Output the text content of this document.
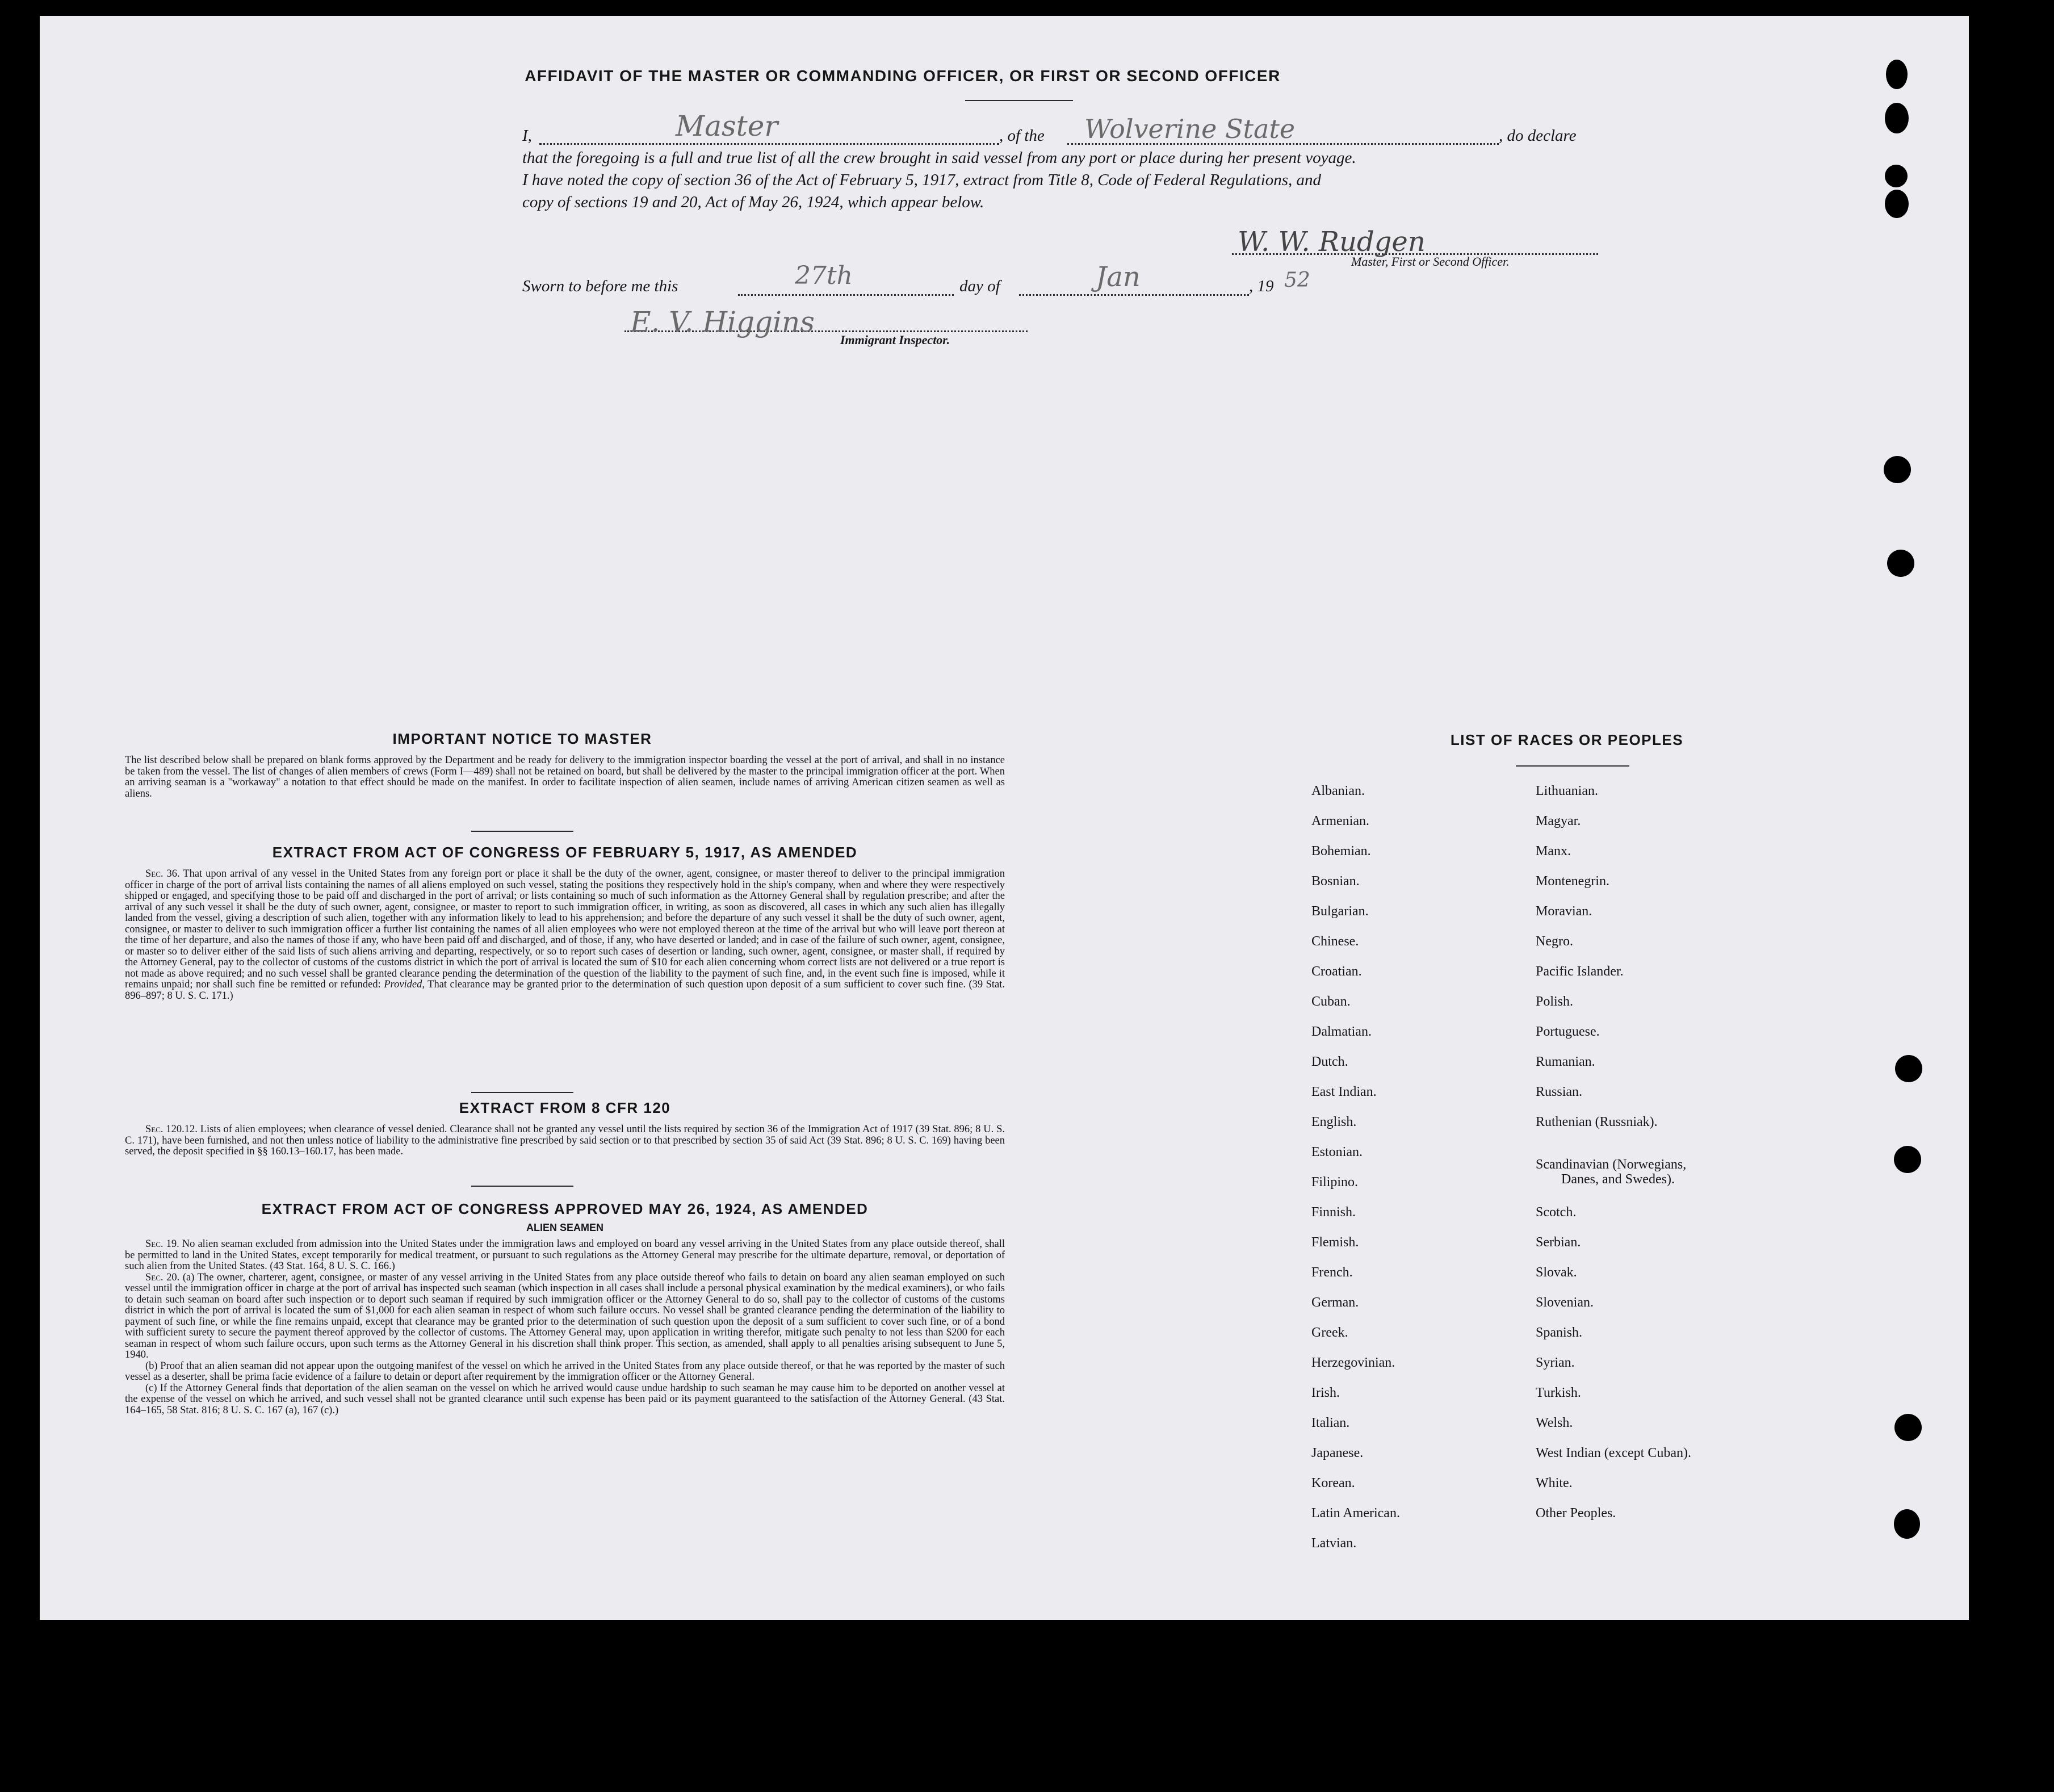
AFFIDAVIT OF THE MASTER OR COMMANDING OFFICER, OR FIRST OR SECOND OFFICER
I,	Master	, of the Wolverine State	, do declare
that the foregoing is a full and true list of all the crew brought in said vessel from any port or place during her present voyage.
I have noted the copy of section 36 of the Act of February 5, 1917, extract from Title 8, Code of Federal Regulations, and
copy of sections 19 and 20, Act of May 26, 1924, which appear below.
W. W. Rudgen
Master, First or Second Officer.
Sworn to before me this	27th	day of	Jan	, 19 52
E. V. Higgins
Immigrant Inspector.
IMPORTANT NOTICE TO MASTER
The list described below shall be prepared on blank forms approved by the Department and be ready for delivery to the immigration inspector boarding the vessel at the port of arrival, and shall in no instance be taken from the vessel. The list of changes of alien members of crews (Form I—489) shall not be retained on board, but shall be delivered by the master to the principal immigration officer at the port. When an arriving seaman is a "workaway" a notation to that effect should be made on the manifest. In order to facilitate inspection of alien seamen, include names of arriving American citizen seamen as well as aliens.
EXTRACT FROM ACT OF CONGRESS OF FEBRUARY 5, 1917, AS AMENDED

Sec. 36. That upon arrival of any vessel in the United States from any foreign port or place it shall be the duty of the owner, agent, consignee, or master thereof to deliver to the principal immigration officer in charge of the port of arrival lists containing the names of all aliens employed on such vessel, stating the positions they respectively hold in the ship's company, when and where they were respectively shipped or engaged, and specifying those to be paid off and discharged in the port of arrival; or lists containing so much of such information as the Attorney General shall by regulation prescribe; and after the arrival of any such vessel it shall be the duty of such owner, agent, consignee, or master to report to such immigration officer, in writing, as soon as discovered, all cases in which any such alien has illegally landed from the vessel, giving a description of such alien, together with any information likely to lead to his apprehension; and before the departure of any such vessel it shall be the duty of such owner, agent, consignee, or master to deliver to such immigration officer a further list containing the names of all alien employees who were not employed thereon at the time of the arrival but who will leave port thereon at the time of her departure, and also the names of those if any, who have been paid off and discharged, and of those, if any, who have deserted or landed; and in case of the failure of such owner, agent, consignee, or master so to deliver either of the said lists of such aliens arriving and departing, respectively, or so to report such cases of desertion or landing, such owner, agent, consignee, or master shall, if required by the Attorney General, pay to the collector of customs of the customs district in which the port of arrival is located the sum of $10 for each alien concerning whom correct lists are not delivered or a true report is not made as above required; and no such vessel shall be granted clearance pending the determination of the question of the liability to the payment of such fine, and, in the event such fine is imposed, while it remains unpaid; nor shall such fine be remitted or refunded: Provided, That clearance may be granted prior to the determination of such question upon deposit of a sum sufficient to cover such fine. (39 Stat. 896–897; 8 U. S. C. 171.)

EXTRACT FROM 8 CFR 120

Sec. 120.12. Lists of alien employees; when clearance of vessel denied. Clearance shall not be granted any vessel until the lists required by section 36 of the Immigration Act of 1917 (39 Stat. 896; 8 U. S. C. 171), have been furnished, and not then unless notice of liability to the administrative fine prescribed by said section or to that prescribed by section 35 of said Act (39 Stat. 896; 8 U. S. C. 169) having been served, the deposit specified in §§ 160.13–160.17, has been made.

EXTRACT FROM ACT OF CONGRESS APPROVED MAY 26, 1924, AS AMENDED
ALIEN SEAMEN

Sec. 19. No alien seaman excluded from admission into the United States under the immigration laws and employed on board any vessel arriving in the United States from any place outside thereof, shall be permitted to land in the United States, except temporarily for medical treatment, or pursuant to such regulations as the Attorney General may prescribe for the ultimate departure, removal, or deportation of such alien from the United States. (43 Stat. 164, 8 U. S. C. 166.)

Sec. 20. (a) The owner, charterer, agent, consignee, or master of any vessel arriving in the United States from any place outside thereof who fails to detain on board any alien seaman employed on such vessel until the immigration officer in charge at the port of arrival has inspected such seaman (which inspection in all cases shall include a personal physical examination by the medical examiners), or who fails to detain such seaman on board after such inspection or to deport such seaman if required by such immigration officer or the Attorney General to do so, shall pay to the collector of customs of the customs district in which the port of arrival is located the sum of $1,000 for each alien seaman in respect of whom such failure occurs. No vessel shall be granted clearance pending the determination of the liability to payment of such fine, or while the fine remains unpaid, except that clearance may be granted prior to the determination of such question upon the deposit of a sum sufficient to cover such fine, or of a bond with sufficient surety to secure the payment thereof approved by the collector of customs. The Attorney General may, upon application in writing therefor, mitigate such penalty to not less than $200 for each seaman in respect of whom such failure occurs, upon such terms as the Attorney General in his discretion shall think proper. This section, as amended, shall apply to all penalties arising subsequent to June 5, 1940.

(b) Proof that an alien seaman did not appear upon the outgoing manifest of the vessel on which he arrived in the United States from any place outside thereof, or that he was reported by the master of such vessel as a deserter, shall be prima facie evidence of a failure to detain or deport after requirement by the immigration officer or the Attorney General.

(c) If the Attorney General finds that deportation of the alien seaman on the vessel on which he arrived would cause undue hardship to such seaman he may cause him to be deported on another vessel at the expense of the vessel on which he arrived, and such vessel shall not be granted clearance until such expense has been paid or its payment guaranteed to the satisfaction of the Attorney General. (43 Stat. 164–165, 58 Stat. 816; 8 U. S. C. 167 (a), 167 (c).)

LIST OF RACES OR PEOPLES
Albanian.
Armenian.
Bohemian.
Bosnian.
Bulgarian.
Chinese.
Croatian.
Cuban.
Dalmatian.
Dutch.
East Indian.
English.
Estonian.
Filipino.
Finnish.
Flemish.
French.
German.
Greek.
Herzegovinian.
Irish.
Italian.
Japanese.
Korean.
Latin American.
Latvian.
Lithuanian.
Magyar.
Manx.
Montenegrin.
Moravian.
Negro.
Pacific Islander.
Polish.
Portuguese.
Rumanian.
Russian.
Ruthenian (Russniak).
Scandinavian (Norwegians,
Danes, and Swedes).
Scotch.
Serbian.
Slovak.
Slovenian.
Spanish.
Syrian.
Turkish.
Welsh.
West Indian (except Cuban).
White.
Other Peoples.
